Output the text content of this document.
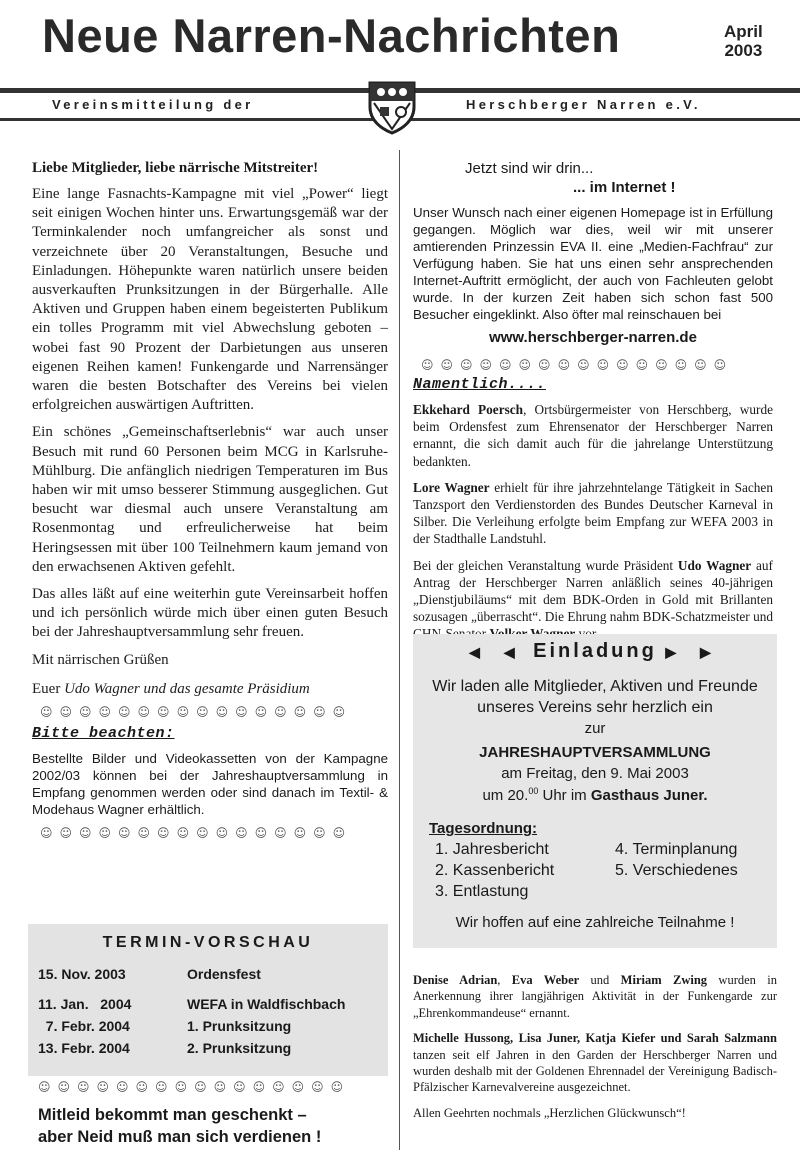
Neue Narren-Nachrichten	April
2003
Vereinsmitteilung der	Herschberger Narren e.V.

Liebe Mitglieder, liebe närrische Mitstreiter!

Eine lange Fasnachts-Kampagne mit viel „Power“ liegt seit einigen Wochen hinter uns. Erwartungsgemäß war der Terminkalender noch umfangreicher als sonst und verzeichnete über 20 Veranstaltungen, Besuche und Einladungen. Höhepunkte waren natürlich unsere beiden ausverkauften Prunksitzungen in der Bürgerhalle. Alle Aktiven und Gruppen haben einem begeisterten Publikum ein tolles Programm mit viel Abwechslung geboten – wobei fast 90 Prozent der Darbietungen aus unseren eigenen Reihen kamen! Funkengarde und Narrensänger waren die besten Botschafter des Vereins bei vielen erfolgreichen auswärtigen Auftritten.

Ein schönes „Gemeinschaftserlebnis“ war auch unser Besuch mit rund 60 Personen beim MCG in Karlsruhe-Mühlburg. Die anfänglich niedrigen Temperaturen im Bus haben wir mit umso besserer Stimmung ausgeglichen. Gut besucht war diesmal auch unsere Veranstaltung am Rosenmontag und erfreulicherweise hat beim Heringsessen mit über 100 Teilnehmern kaum jemand von den erwachsenen Aktiven gefehlt.

Das alles läßt auf eine weiterhin gute Vereinsarbeit hoffen und ich persönlich würde mich über einen guten Besuch bei der Jahreshauptversammlung sehr freuen.

Mit närrischen Grüßen

Euer Udo Wagner und das gesamte Präsidium

☺☺☺☺☺☺☺☺☺☺☺☺☺☺☺☺
Bitte beachten:

Bestellte Bilder und Videokassetten von der Kampagne 2002/03 können bei der Jahreshauptversammlung in Empfang genommen werden oder sind danach im Textil- & Modehaus Wagner erhältlich.

☺☺☺☺☺☺☺☺☺☺☺☺☺☺☺☺
TERMIN-VORSCHAU
15. Nov. 2003	Ordensfest
11. Jan.   2004	WEFA in Waldfischbach
7. Febr. 2004	1. Prunksitzung
13. Febr. 2004	2. Prunksitzung
☺☺☺☺☺☺☺☺☺☺☺☺☺☺☺☺
Mitleid bekommt man geschenkt –
aber Neid muß man sich verdienen !
Jetzt sind wir drin...
... im Internet !

Unser Wunsch nach einer eigenen Homepage ist in Erfüllung gegangen. Möglich war dies, weil wir mit unserer amtierenden Prinzessin EVA II. eine „Medien-Fachfrau“ zur Verfügung haben. Sie hat uns einen sehr ansprechenden Internet-Auftritt ermöglicht, der auch von Fachleuten gelobt wurde. In der kurzen Zeit haben sich schon fast 500 Besucher eingeklinkt. Also öfter mal reinschauen bei

www.herschberger-narren.de
☺☺☺☺☺☺☺☺☺☺☺☺☺☺☺☺
Namentlich....

Ekkehard Poersch, Ortsbürgermeister von Herschberg, wurde beim Ordensfest zum Ehrensenator der Herschberger Narren ernannt, die sich damit auch für die jahrelange Unterstützung bedankten.

Lore Wagner erhielt für ihre jahrzehntelange Tätigkeit in Sachen Tanzsport den Verdienstorden des Bundes Deutscher Karneval in Silber. Die Verleihung erfolgte beim Empfang zur WEFA 2003 in der Stadthalle Landstuhl.

Bei der gleichen Veranstaltung wurde Präsident Udo Wagner auf Antrag der Herschberger Narren anläßlich seines 40-jährigen „Dienstjubiläums“ mit dem BDK-Orden in Gold mit Brillanten sozusagen „überrascht“. Die Ehrung nahm BDK-Schatzmeister und

◀ ◀ Einladung ▶ ▶
Wir laden alle Mitglieder, Aktiven und Freunde unseres Vereins sehr herzlich ein
zur
JAHRESHAUPTVERSAMMLUNG
am Freitag, den 9. Mai 2003
um 20.00 Uhr im Gasthaus Juner.
Tagesordnung:
1. Jahresbericht
2. Kassenbericht
3. Entlastung
4. Terminplanung
5. Verschiedenes
Wir hoffen auf eine zahlreiche Teilnahme !

Denise Adrian, Eva Weber und Miriam Zwing wurden in Anerkennung ihrer langjährigen Aktivität in der Funkengarde zur „Ehrenkommandeuse“ ernannt.

Michelle Hussong, Lisa Juner, Katja Kiefer und Sarah Salzmann tanzen seit elf Jahren in den Garden der Herschberger Narren und wurden deshalb mit der Goldenen Ehrennadel der Vereinigung Badisch-Pfälzischer Karnevalvereine ausgezeichnet.

Allen Geehrten nochmals „Herzlichen Glückwunsch“!
